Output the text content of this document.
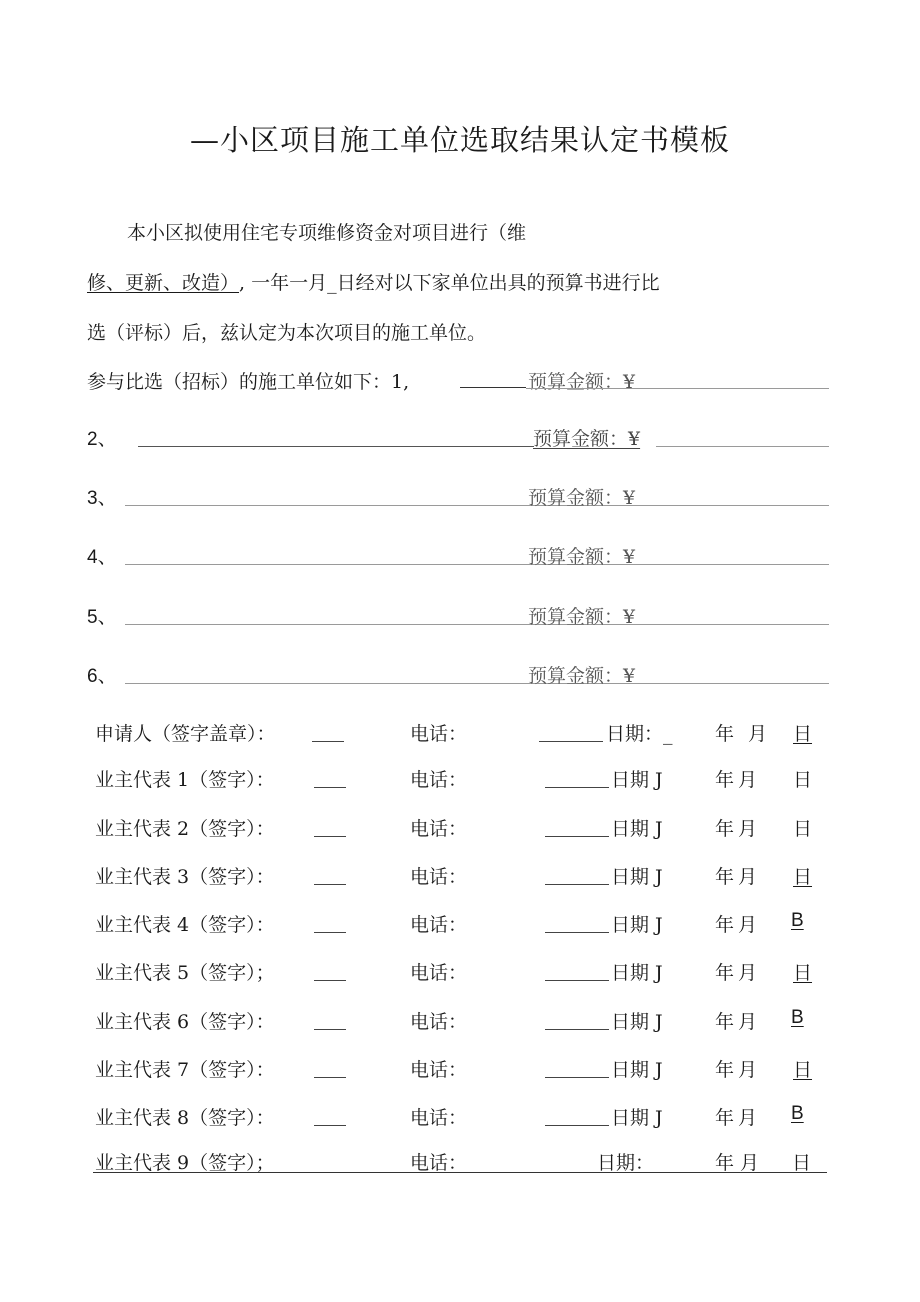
—小区项目施工单位选取结果认定书模板
本小区拟使用住宅专项维修资金对项目进行（维
修、更新、改造）, 一年一月_日经对以下家单位出具的预算书进行比
选（评标）后，兹认定为本次项目的施工单位。
参与比选（招标）的施工单位如下：1,	预算金额：¥
2、	预算金额：¥
3、	预算金额：¥
4、	预算金额：¥
5、	预算金额：¥
6、	预算金额：¥
申请人（签字盖章）：	电话：	日期：_ 年 月 日
业主代表 1（签字）：	电话：	日期 J	年 月 日
业主代表 2（签字）：	电话：	日期 J	年 月 日
业主代表 3（签字）：	电话：	日期 J	年 月 日
业主代表 4（签字）：	电话：	日期 J	年 月 B
业主代表 5（签字）；	电话：	日期 J	年 月 日
业主代表 6（签字）：	电话：	日期 J	年 月 B
业主代表 7（签字）：	电话：	日期 J	年 月 日
业主代表 8（签字）：	电话：	日期 J	年 月 B
业主代表 9（签字）；	电话：	日期：	年 月 日
